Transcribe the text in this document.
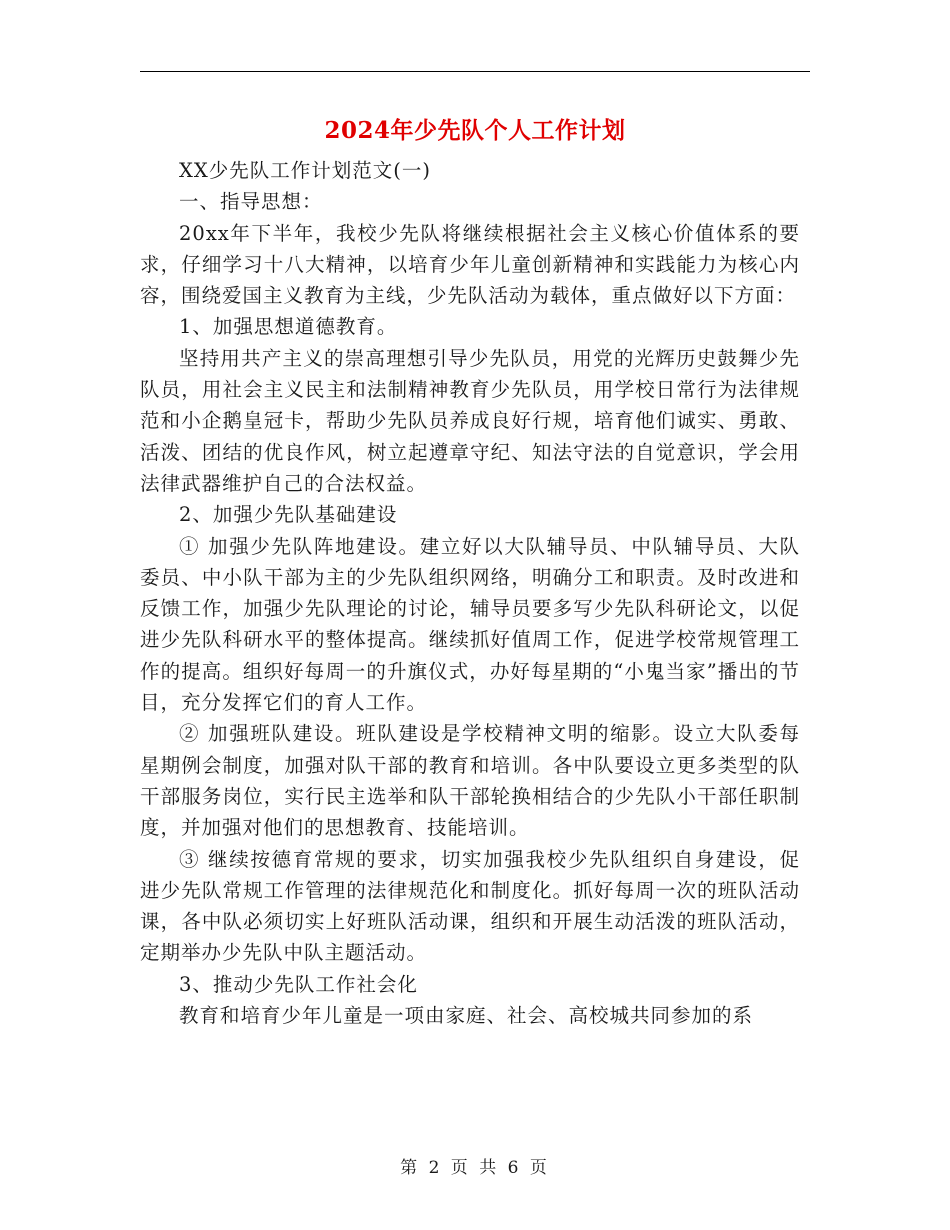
2024年少先队个人工作计划

XX少先队工作计划范文(一)

一、指导思想：

20xx年下半年，我校少先队将继续根据社会主义核心价值体系的要求，仔细学习十八大精神，以培育少年儿童创新精神和实践能力为核心内容，围绕爱国主义教育为主线，少先队活动为载体，重点做好以下方面：

1、加强思想道德教育。

坚持用共产主义的崇高理想引导少先队员，用党的光辉历史鼓舞少先队员，用社会主义民主和法制精神教育少先队员，用学校日常行为法律规范和小企鹅皇冠卡，帮助少先队员养成良好行规，培育他们诚实、勇敢、活泼、团结的优良作风，树立起遵章守纪、知法守法的自觉意识，学会用法律武器维护自己的合法权益。

2、加强少先队基础建设

① 加强少先队阵地建设。建立好以大队辅导员、中队辅导员、大队委员、中小队干部为主的少先队组织网络，明确分工和职责。及时改进和反馈工作，加强少先队理论的讨论，辅导员要多写少先队科研论文，以促进少先队科研水平的整体提高。继续抓好值周工作，促进学校常规管理工作的提高。组织好每周一的升旗仪式，办好每星期的“小鬼当家”播出的节目，充分发挥它们的育人工作。

② 加强班队建设。班队建设是学校精神文明的缩影。设立大队委每星期例会制度，加强对队干部的教育和培训。各中队要设立更多类型的队干部服务岗位，实行民主选举和队干部轮换相结合的少先队小干部任职制度，并加强对他们的思想教育、技能培训。

③ 继续按德育常规的要求，切实加强我校少先队组织自身建设，促进少先队常规工作管理的法律规范化和制度化。抓好每周一次的班队活动课，各中队必须切实上好班队活动课，组织和开展生动活泼的班队活动，定期举办少先队中队主题活动。

3、推动少先队工作社会化

教育和培育少年儿童是一项由家庭、社会、高校城共同参加的系

第 2 页 共 6 页
